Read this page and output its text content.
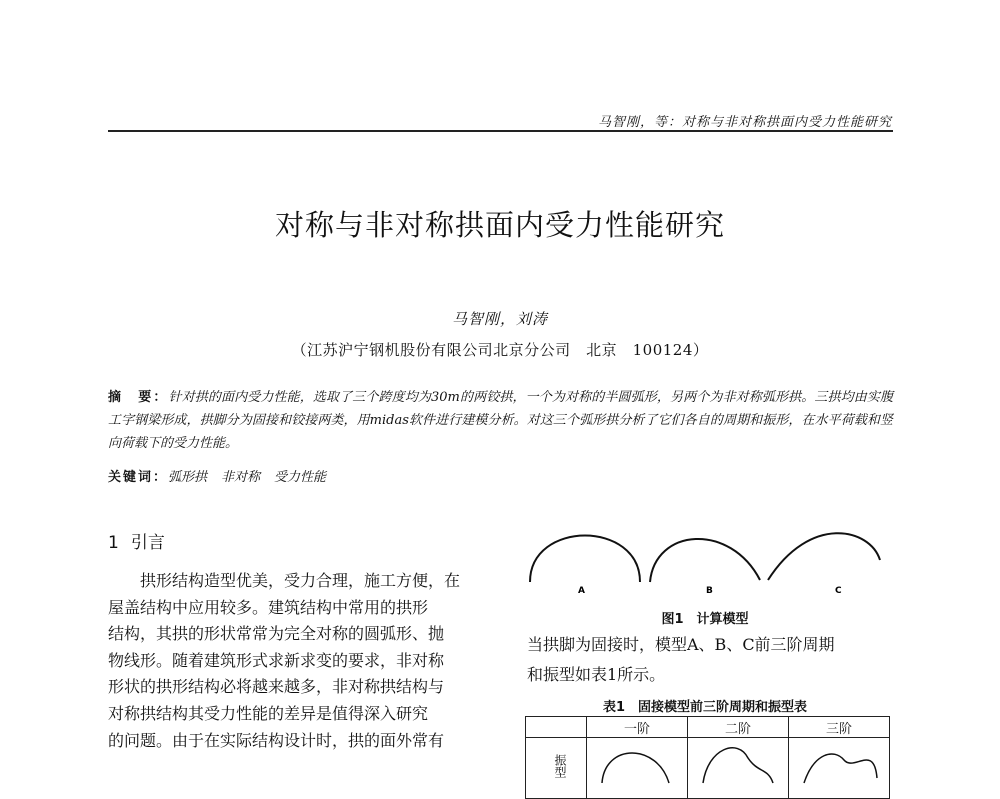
马智刚，等：对称与非对称拱面内受力性能研究
对称与非对称拱面内受力性能研究
马智刚，刘涛
（江苏沪宁钢机股份有限公司北京分公司　北京　100124）
摘　要：针对拱的面内受力性能，选取了三个跨度均为30m的两铰拱，一个为对称的半圆弧形，另两个为非对称弧形拱。三拱均由实腹工字钢梁形成，拱脚分为固接和铰接两类，用midas软件进行建模分析。对这三个弧形拱分析了它们各自的周期和振形，在水平荷载和竖向荷载下的受力性能。
关键词：弧形拱 非对称 受力性能
1 引言
　　拱形结构造型优美，受力合理，施工方便，在
屋盖结构中应用较多。建筑结构中常用的拱形
结构，其拱的形状常常为完全对称的圆弧形、抛
物线形。随着建筑形式求新求变的要求，非对称
形状的拱形结构必将越来越多，非对称拱结构与
对称拱结构其受力性能的差异是值得深入研究
的问题。由于在实际结构设计时，拱的面外常有
A	B	C
图1　计算模型
当拱脚为固接时，模型A、B、C前三阶周期
和振型如表1所示。
表1　固接模型前三阶周期和振型表
	一阶	二阶	三阶
振型	
